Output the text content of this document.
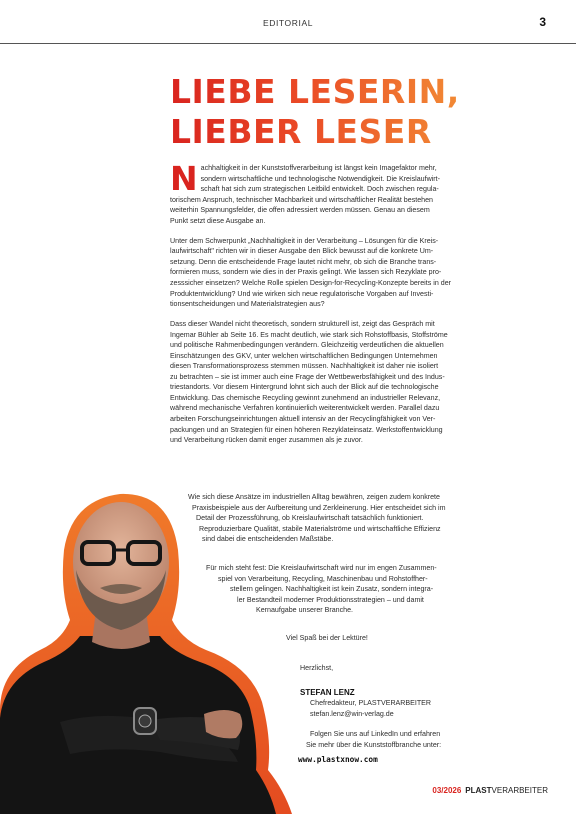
EDITORIAL	3
LIEBE LESERIN,
LIEBER LESER
N achhaltigkeit in der Kunststoffverarbeitung ist längst kein Imagefaktor mehr,
sondern wirtschaftliche und technologische Notwendigkeit. Die Kreislaufwirt-
schaft hat sich zum strategischen Leitbild entwickelt. Doch zwischen regula-
torischem Anspruch, technischer Machbarkeit und wirtschaftlicher Realität bestehen
weiterhin Spannungsfelder, die offen adressiert werden müssen. Genau an diesem
Punkt setzt diese Ausgabe an.
Unter dem Schwerpunkt „Nachhaltigkeit in der Verarbeitung – Lösungen für die Kreis-
laufwirtschaft" richten wir in dieser Ausgabe den Blick bewusst auf die konkrete Um-
setzung. Denn die entscheidende Frage lautet nicht mehr, ob sich die Branche trans-
formieren muss, sondern wie dies in der Praxis gelingt. Wie lassen sich Rezyklate pro-
zesssicher einsetzen? Welche Rolle spielen Design-for-Recycling-Konzepte bereits in der
Produktentwicklung? Und wie wirken sich neue regulatorische Vorgaben auf Investi-
tionsentscheidungen und Materialstrategien aus?
Dass dieser Wandel nicht theoretisch, sondern strukturell ist, zeigt das Gespräch mit
Ingemar Bühler ab Seite 16. Es macht deutlich, wie stark sich Rohstoffbasis, Stoffströme
und politische Rahmenbedingungen verändern. Gleichzeitig verdeutlichen die aktuellen
Einschätzungen des GKV, unter welchen wirtschaftlichen Bedingungen Unternehmen
diesen Transformationsprozess stemmen müssen. Nachhaltigkeit ist daher nie isoliert
zu betrachten – sie ist immer auch eine Frage der Wettbewerbsfähigkeit und des Indus-
triestandorts. Vor diesem Hintergrund lohnt sich auch der Blick auf die technologische
Entwicklung. Das chemische Recycling gewinnt zunehmend an industrieller Relevanz,
während mechanische Verfahren kontinuierlich weiterentwickelt werden. Parallel dazu
arbeiten Forschungseinrichtungen aktuell intensiv an der Recyclingfähigkeit von Ver-
packungen und an Strategien für einen höheren Rezyklateinsatz. Werkstoffentwicklung
und Verarbeitung rücken damit enger zusammen als je zuvor.
Wie sich diese Ansätze im industriellen Alltag bewähren, zeigen zudem konkrete
Praxisbeispiele aus der Aufbereitung und Zerkleinerung. Hier entscheidet sich im
Detail der Prozessführung, ob Kreislaufwirtschaft tatsächlich funktioniert.
Reproduzierbare Qualität, stabile Materialströme und wirtschaftliche Effizienz
sind dabei die entscheidenden Maßstäbe.
Für mich steht fest: Die Kreislaufwirtschaft wird nur im engen Zusammen-
spiel von Verarbeitung, Recycling, Maschinenbau und Rohstoffher-
stellern gelingen. Nachhaltigkeit ist kein Zusatz, sondern integra-
ler Bestandteil moderner Produktionsstrategien – und damit
Kernaufgabe unserer Branche.
Viel Spaß bei der Lektüre!
Herzlichst,
STEFAN LENZ
Chefredakteur, PLASTVERARBEITER
stefan.lenz@win-verlag.de
Folgen Sie uns auf LinkedIn und erfahren
Sie mehr über die Kunststoffbranche unter:
www.plastxnow.com
03/2026 PLASTVERARBEITER
